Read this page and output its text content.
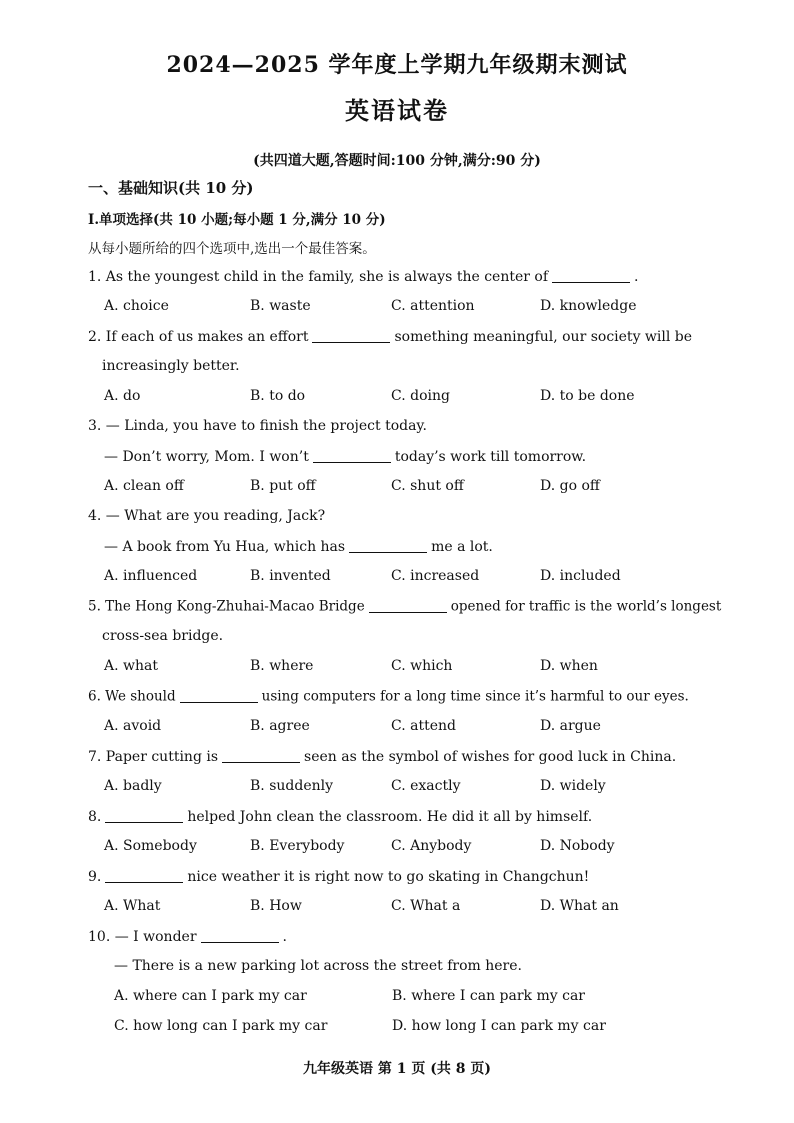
2024—2025 学年度上学期九年级期末测试
英语试卷
(共四道大题,答题时间:100 分钟,满分:90 分)
一、基础知识(共 10 分)
Ⅰ.单项选择(共 10 小题;每小题 1 分,满分 10 分)
从每小题所给的四个选项中,选出一个最佳答案。
1. As the youngest child in the family, she is always the center of	.
A. choice	B. waste	C. attention	D. knowledge
2. If each of us makes an effort	something meaningful, our society will be
increasingly better.
A. do	B. to do	C. doing	D. to be done
3. — Linda, you have to finish the project today.
— Don’t worry, Mom. I won’t	today’s work till tomorrow.
A. clean off	B. put off	C. shut off	D. go off
4. — What are you reading, Jack?
— A book from Yu Hua, which has	me a lot.
A. influenced	B. invented	C. increased	D. included
5. The Hong Kong-Zhuhai-Macao Bridge	opened for traffic is the world’s longest
cross-sea bridge.
A. what	B. where	C. which	D. when
6. We should	using computers for a long time since it’s harmful to our eyes.
A. avoid	B. agree	C. attend	D. argue
7. Paper cutting is	seen as the symbol of wishes for good luck in China.
A. badly	B. suddenly	C. exactly	D. widely
8.	helped John clean the classroom. He did it all by himself.
A. Somebody	B. Everybody	C. Anybody	D. Nobody
9.	nice weather it is right now to go skating in Changchun!
A. What	B. How	C. What a	D. What an
10. — I wonder	.
— There is a new parking lot across the street from here.
A. where can I park my car	B. where I can park my car
C. how long can I park my car	D. how long I can park my car
九年级英语 第 1 页 (共 8 页)
